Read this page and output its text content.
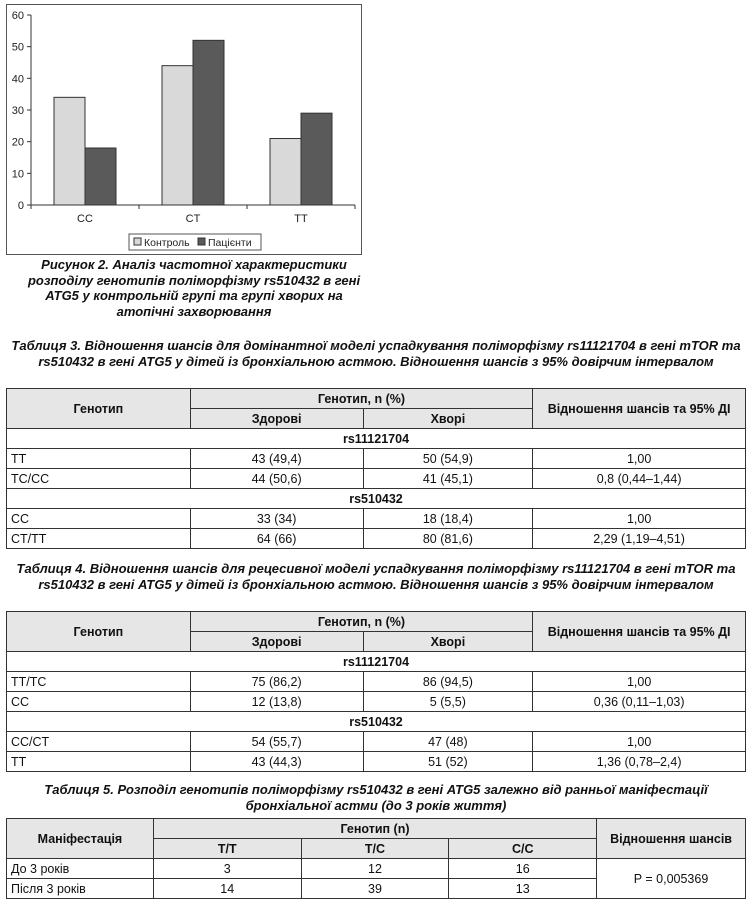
0
10
20
30
40
50
60
CC	CT	TT
Контроль Пацієнти
Рисунок 2. Аналіз частотної характеристики розподілу генотипів поліморфізму rs510432 в гені ATG5 у контрольній групі та групі хворих на атопічні захворювання
Таблиця 3. Відношення шансів для домінантної моделі успадкування поліморфізму rs11121704 в гені mTOR та rs510432 в гені ATG5 у дітей із бронхіальною астмою. Відношення шансів з 95% довірчим інтервалом
Генотип	Генотип, n (%)		Відношення шансів та 95% ДІ
	Здорові	Хворі	
rs11121704			
TT	43 (49,4)	50 (54,9)	1,00
TC/CC	44 (50,6)	41 (45,1)	0,8 (0,44–1,44)
rs510432			
CC	33 (34)	18 (18,4)	1,00
CT/TT	64 (66)	80 (81,6)	2,29 (1,19–4,51)
Таблиця 4. Відношення шансів для рецесивної моделі успадкування поліморфізму rs11121704 в гені mTOR та rs510432 в гені ATG5 у дітей із бронхіальною астмою. Відношення шансів з 95% довірчим інтервалом
Генотип	Генотип, n (%)		Відношення шансів та 95% ДІ
	Здорові	Хворі	
rs11121704			
TT/TC	75 (86,2)	86 (94,5)	1,00
CC	12 (13,8)	5 (5,5)	0,36 (0,11–1,03)
rs510432			
CC/CT	54 (55,7)	47 (48)	1,00
TT	43 (44,3)	51 (52)	1,36 (0,78–2,4)
Таблиця 5. Розподіл генотипів поліморфізму rs510432 в гені ATG5 залежно від ранньої маніфестації бронхіальної астми (до 3 років життя)
Маніфестація	Генотип (n)			Відношення шансів
	T/T	T/C	C/C	
До 3 років	3	12	16	P = 0,005369
Після 3 років	14	39	13	
